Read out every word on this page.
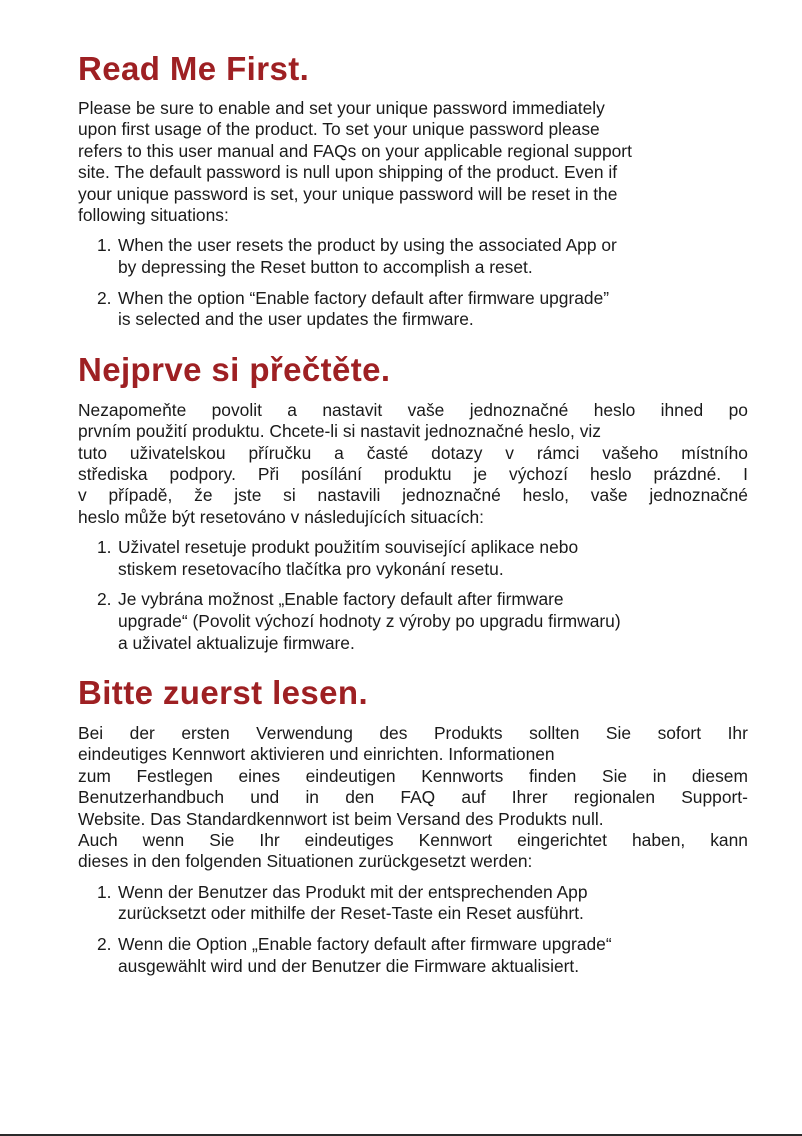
Read Me First.
Please be sure to enable and set your unique password immediately
upon first usage of the product. To set your unique password please
refers to this user manual and FAQs on your applicable regional support
site. The default password is null upon shipping of the product. Even if
your unique password is set, your unique password will be reset in the
following situations:
1. When the user resets the product by using the associated App or
by depressing the Reset button to accomplish a reset.
2. When the option “Enable factory default after firmware upgrade”
is selected and the user updates the firmware.
Nejprve si přečtěte.
Nezapomeňte povolit a nastavit vaše jednoznačné heslo ihned po
prvním použití produktu. Chcete-li si nastavit jednoznačné heslo, viz
tuto uživatelskou příručku a časté dotazy v rámci vašeho místního
střediska podpory. Při posílání produktu je výchozí heslo prázdné. I
v případě, že jste si nastavili jednoznačné heslo, vaše jednoznačné
heslo může být resetováno v následujících situacích:
1. Uživatel resetuje produkt použitím související aplikace nebo
stiskem resetovacího tlačítka pro vykonání resetu.
2. Je vybrána možnost „Enable factory default after firmware
upgrade“ (Povolit výchozí hodnoty z výroby po upgradu firmwaru)
a uživatel aktualizuje firmware.
Bitte zuerst lesen.
Bei der ersten Verwendung des Produkts sollten Sie sofort Ihr
eindeutiges Kennwort aktivieren und einrichten. Informationen
zum Festlegen eines eindeutigen Kennworts finden Sie in diesem
Benutzerhandbuch und in den FAQ auf Ihrer regionalen Support-
Website. Das Standardkennwort ist beim Versand des Produkts null.
Auch wenn Sie Ihr eindeutiges Kennwort eingerichtet haben, kann
dieses in den folgenden Situationen zurückgesetzt werden:
1. Wenn der Benutzer das Produkt mit der entsprechenden App
zurücksetzt oder mithilfe der Reset-Taste ein Reset ausführt.
2. Wenn die Option „Enable factory default after firmware upgrade“
ausgewählt wird und der Benutzer die Firmware aktualisiert.
